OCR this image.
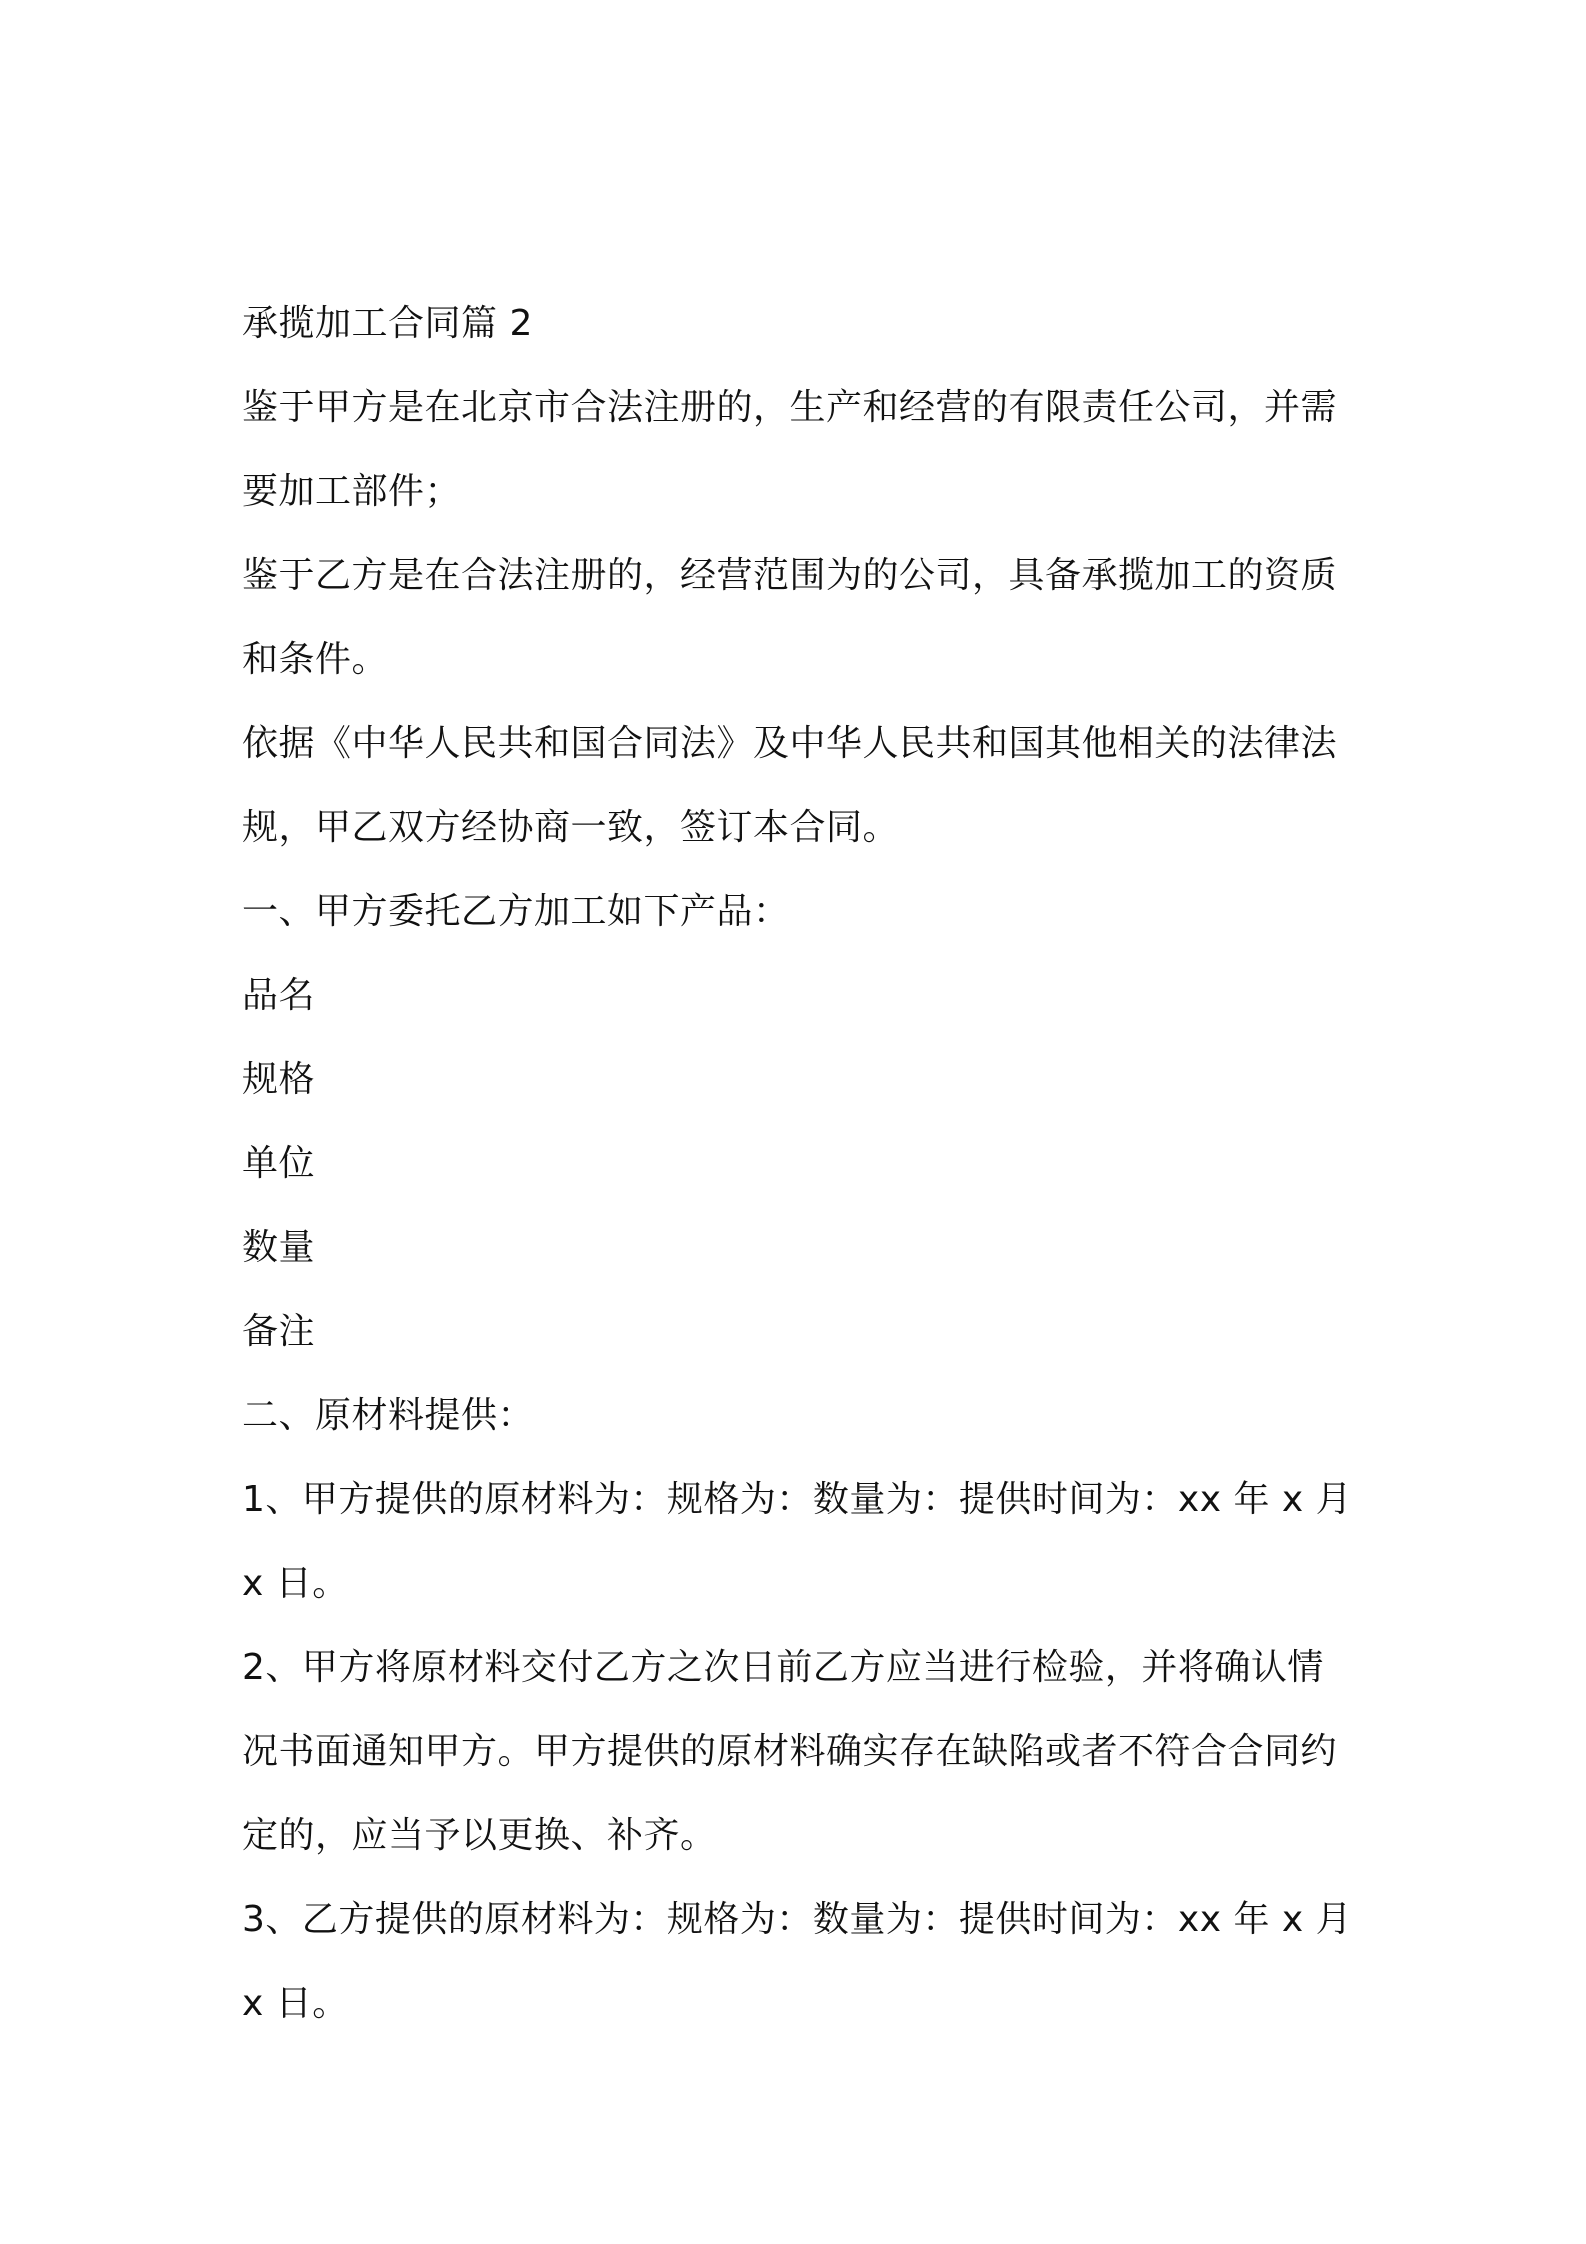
承揽加工合同篇 2
鉴于甲方是在北京市合法注册的，生产和经营的有限责任公司，并需
要加工部件；
鉴于乙方是在合法注册的，经营范围为的公司，具备承揽加工的资质
和条件。
依据《中华人民共和国合同法》及中华人民共和国其他相关的法律法
规，甲乙双方经协商一致，签订本合同。
一、甲方委托乙方加工如下产品：
品名
规格
单位
数量
备注
二、原材料提供：
1、甲方提供的原材料为：规格为：数量为：提供时间为：xx 年 x 月
x 日。
2、甲方将原材料交付乙方之次日前乙方应当进行检验，并将确认情
况书面通知甲方。甲方提供的原材料确实存在缺陷或者不符合合同约
定的，应当予以更换、补齐。
3、乙方提供的原材料为：规格为：数量为：提供时间为：xx 年 x 月
x 日。
